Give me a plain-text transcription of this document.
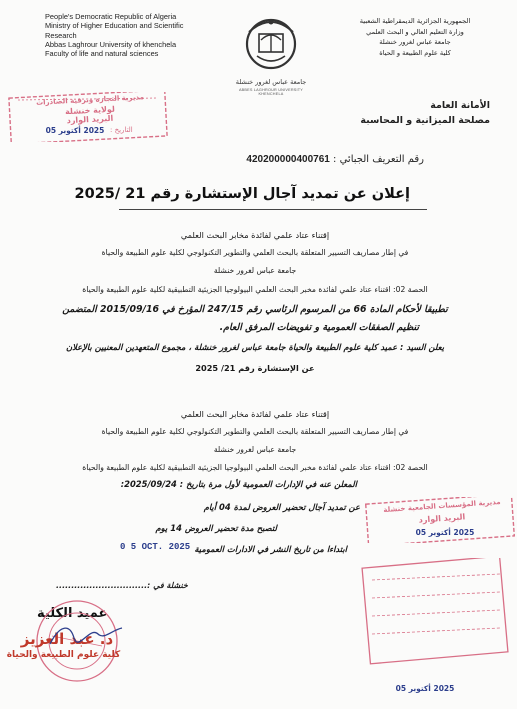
People's Democratic Republic of Algeria
Ministry of Higher Education and Scientific
Research
Abbas Laghrour University of khenchela
Faculty of life and natural sciences
الجمهورية الجزائرية الديمقراطية الشعبية
وزارة التعليم العالي و البحث العلمي
جامعة عباس لغرور خنشلة
كلية علوم الطبيعة و الحياة
جامعة عباس لغرور خنشلة
ABBES LAGHROUR UNIVERSITY KHENCHELA
مديرية التجارة وترقية الصادرات
لولاية خنشلة
البريد الوارد
التاريخ :
2025 أكتوبر 05
الأمانة العامة
مصلحة الميزانية و المحاسبة
رقم التعريف الجبائي : 420200000400761
إعلان عن تمديد آجال الإستشارة رقم 21 /2025
إقتناء عتاد علمي لفائدة مخابر البحث العلمي
في إطار مصاريف التسيير المتعلقة بالبحث العلمي والتطوير التكنولوجي لكلية علوم الطبيعة والحياة
جامعة عباس لغرور خنشلة
الحصة 02: اقتناء عتاد علمي لفائدة مخبر البحث العلمي البيولوجيا الجزيئية التطبيقية لكلية علوم الطبيعة والحياة
تطبيقا لأحكام المادة 66 من المرسوم الرئاسي رقم 247/15 المؤرخ في 2015/09/16 المتضمن
تنظيم الصفقات العمومية و تفويضات المرفق العام.
يعلن السيد : عميد كلية علوم الطبيعة والحياة جامعة عباس لغرور خنشلة ، مجموع المتعهدين المعنيين بالإعلان
عن الإستشارة رقم 21/ 2025
إقتناء عتاد علمي لفائدة مخابر البحث العلمي
في إطار مصاريف التسيير المتعلقة بالبحث العلمي والتطوير التكنولوجي لكلية علوم الطبيعة والحياة
جامعة عباس لغرور خنشلة
الحصة 02: اقتناء عتاد علمي لفائدة مخبر البحث العلمي البيولوجيا الجزيئية التطبيقية لكلية علوم الطبيعة والحياة
المعلن عنه في الإدارات العمومية لأول مرة بتاريخ : 2025/09/24:
مديرية المؤسسات الجامعية خنشلة
البريد الوارد
2025 أكتوبر 05
عن تمديد آجال تحضير العروض لمدة 04 أيام
لتصبح مدة تحضير العروض 14 يوم
ابتداءا من تاريخ النشر في الادارات العمومية
0 5 OCT. 2025
2025 أكتوبر 05
خنشلة في :..............................
عميد الكلية
د. عبد العزيز
كلية علوم الطبيعة والحياة
